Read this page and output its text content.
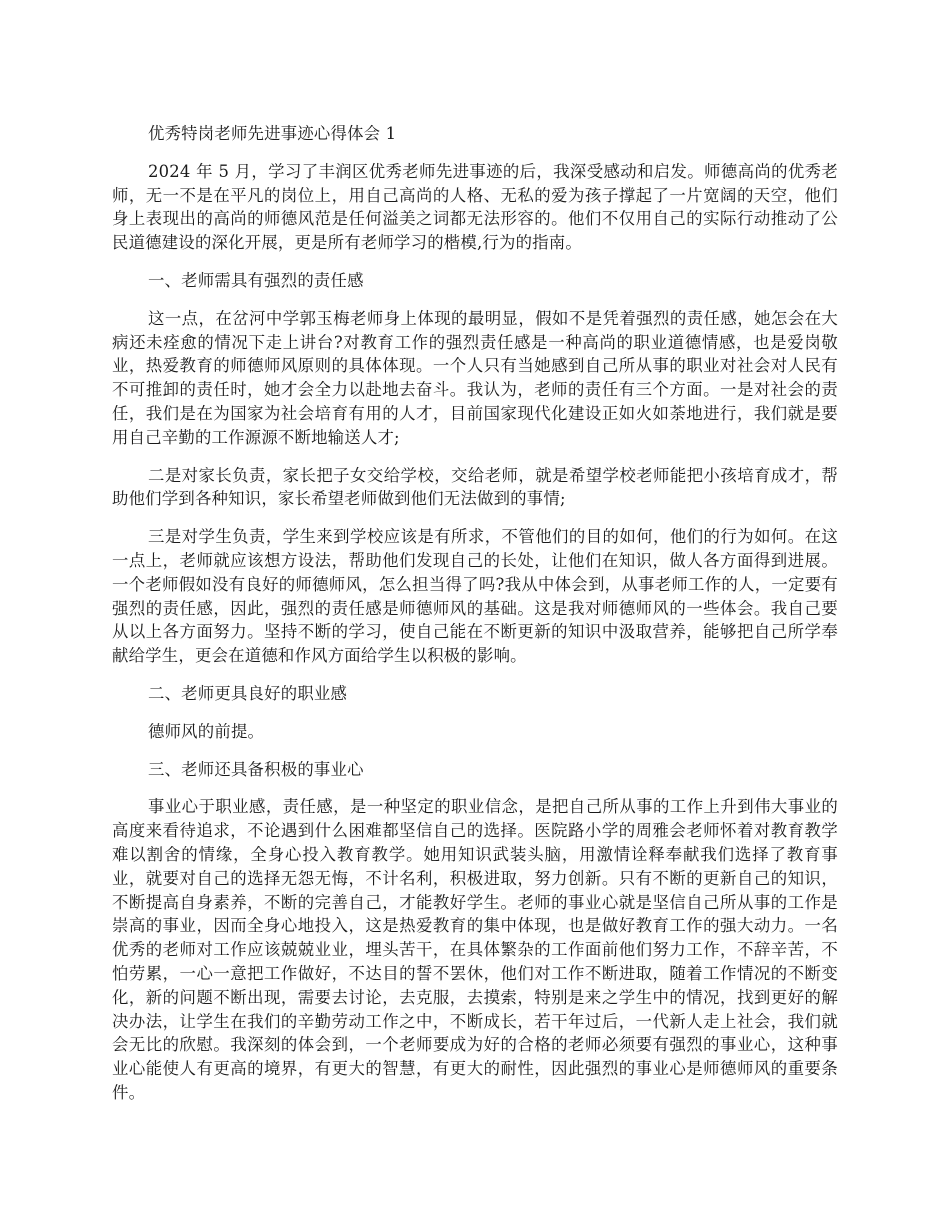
优秀特岗老师先进事迹心得体会 1

2024 年 5 月，学习了丰润区优秀老师先进事迹的后，我深受感动和启发。师德高尚的优秀老师，无一不是在平凡的岗位上，用自己高尚的人格、无私的爱为孩子撑起了一片宽阔的天空，他们身上表现出的高尚的师德风范是任何溢美之词都无法形容的。他们不仅用自己的实际行动推动了公民道德建设的深化开展，更是所有老师学习的楷模,行为的指南。

一、老师需具有强烈的责任感

这一点，在岔河中学郭玉梅老师身上体现的最明显，假如不是凭着强烈的责任感，她怎会在大病还未痊愈的情况下走上讲台?对教育工作的强烈责任感是一种高尚的职业道德情感，也是爱岗敬业，热爱教育的师德师风原则的具体体现。一个人只有当她感到自己所从事的职业对社会对人民有不可推卸的责任时，她才会全力以赴地去奋斗。我认为，老师的责任有三个方面。一是对社会的责任，我们是在为国家为社会培育有用的人才，目前国家现代化建设正如火如荼地进行，我们就是要用自己辛勤的工作源源不断地输送人才;

二是对家长负责，家长把子女交给学校，交给老师，就是希望学校老师能把小孩培育成才，帮助他们学到各种知识，家长希望老师做到他们无法做到的事情;

三是对学生负责，学生来到学校应该是有所求，不管他们的目的如何，他们的行为如何。在这一点上，老师就应该想方设法，帮助他们发现自己的长处，让他们在知识，做人各方面得到进展。一个老师假如没有良好的师德师风，怎么担当得了吗?我从中体会到，从事老师工作的人，一定要有强烈的责任感，因此，强烈的责任感是师德师风的基础。这是我对师德师风的一些体会。我自己要从以上各方面努力。坚持不断的学习，使自己能在不断更新的知识中汲取营养，能够把自己所学奉献给学生，更会在道德和作风方面给学生以积极的影响。

二、老师更具良好的职业感

德师风的前提。

三、老师还具备积极的事业心

事业心于职业感，责任感，是一种坚定的职业信念，是把自己所从事的工作上升到伟大事业的高度来看待追求，不论遇到什么困难都坚信自己的选择。医院路小学的周雅会老师怀着对教育教学难以割舍的情缘，全身心投入教育教学。她用知识武装头脑，用激情诠释奉献我们选择了教育事业，就要对自己的选择无怨无悔，不计名利，积极进取，努力创新。只有不断的更新自己的知识，不断提高自身素养，不断的完善自己，才能教好学生。老师的事业心就是坚信自己所从事的工作是崇高的事业，因而全身心地投入，这是热爱教育的集中体现，也是做好教育工作的强大动力。一名优秀的老师对工作应该兢兢业业，埋头苦干，在具体繁杂的工作面前他们努力工作，不辞辛苦，不怕劳累，一心一意把工作做好，不达目的誓不罢休，他们对工作不断进取，随着工作情况的不断变化，新的问题不断出现，需要去讨论，去克服，去摸索，特别是来之学生中的情况，找到更好的解决办法，让学生在我们的辛勤劳动工作之中，不断成长，若干年过后，一代新人走上社会，我们就会无比的欣慰。我深刻的体会到，一个老师要成为好的合格的老师必须要有强烈的事业心，这种事业心能使人有更高的境界，有更大的智慧，有更大的耐性，因此强烈的事业心是师德师风的重要条件。
